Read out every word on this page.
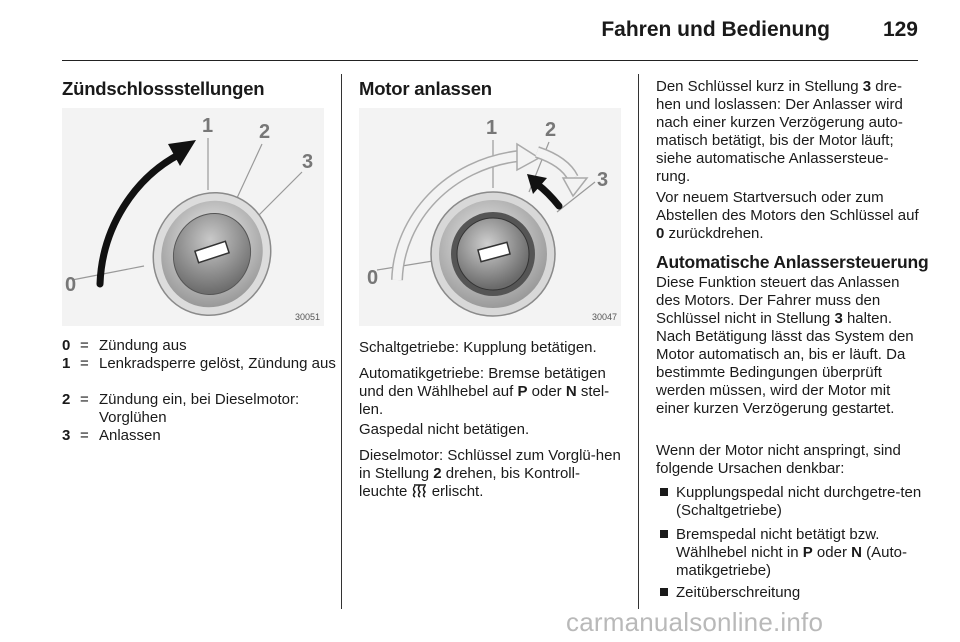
Fahren und Bedienung	129
Zündschlossstellungen
0
1 2
3
30051
0 = Zündung aus
1 = Lenkradsperre gelöst, Zündung aus
2 = Zündung ein, bei Dieselmotor: Vorglühen
3 = Anlassen
Motor anlassen
0
1 2
3
30047
Schaltgetriebe: Kupplung betätigen.
Automatikgetriebe: Bremse betätigen und den Wählhebel auf P oder N stel-len.
Gaspedal nicht betätigen.
Dieselmotor: Schlüssel zum Vorglü-hen in Stellung 2 drehen, bis Kontroll-leuchte  erlischt.
Den Schlüssel kurz in Stellung 3 dre-hen und loslassen: Der Anlasser wird nach einer kurzen Verzögerung auto-matisch betätigt, bis der Motor läuft; siehe automatische Anlassersteue-rung.
Vor neuem Startversuch oder zum Abstellen des Motors den Schlüssel auf 0 zurückdrehen.
Automatische Anlassersteuerung
Diese Funktion steuert das Anlassen des Motors. Der Fahrer muss den Schlüssel nicht in Stellung 3 halten. Nach Betätigung lässt das System den Motor automatisch an, bis er läuft. Da bestimmte Bedingungen überprüft werden müssen, wird der Motor mit einer kurzen Verzögerung gestartet.
Wenn der Motor nicht anspringt, sind folgende Ursachen denkbar:
Kupplungspedal nicht durchgetre-ten (Schaltgetriebe)
Bremspedal nicht betätigt bzw. Wählhebel nicht in P oder N (Auto-matikgetriebe)
Zeitüberschreitung
carmanualsonline.info
